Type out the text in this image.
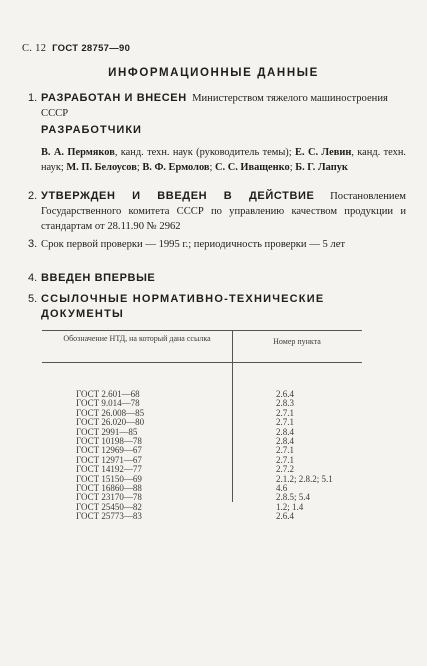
С. 12 ГОСТ 28757—90
ИНФОРМАЦИОННЫЕ ДАННЫЕ
1. РАЗРАБОТАН И ВНЕСЕН Министерством тяжелого машиностроения СССР
РАЗРАБОТЧИКИ
В. А. Пермяков, канд. техн. наук (руководитель темы); Е. С. Левин, канд. техн. наук; М. П. Белоусов; В. Ф. Ермолов; С. С. Иващенко; Б. Г. Лапук
2. УТВЕРЖДЕН И ВВЕДЕН В ДЕЙСТВИЕ Постановлением Государственного комитета СССР по управлению качеством продукции и стандартам от 28.11.90 № 2962
3. Срок первой проверки — 1995 г.; периодичность проверки — 5 лет
4. ВВЕДЕН ВПЕРВЫЕ
5. ССЫЛОЧНЫЕ НОРМАТИВНО-ТЕХНИЧЕСКИЕ ДОКУМЕНТЫ
Обозначение НТД, на который дана ссылка	Номер пункта
ГОСТ 2.601—68	2.6.4
ГОСТ 9.014—78	2.8.3
ГОСТ 26.008—85	2.7.1
ГОСТ 26.020—80	2.7.1
ГОСТ 2991—85	2.8.4
ГОСТ 10198—78	2.8.4
ГОСТ 12969—67	2.7.1
ГОСТ 12971—67	2.7.1
ГОСТ 14192—77	2.7.2
ГОСТ 15150—69	2.1.2; 2.8.2; 5.1
ГОСТ 16860—88	4.6
ГОСТ 23170—78	2.8.5; 5.4
ГОСТ 25450—82	1.2; 1.4
ГОСТ 25773—83	2.6.4
